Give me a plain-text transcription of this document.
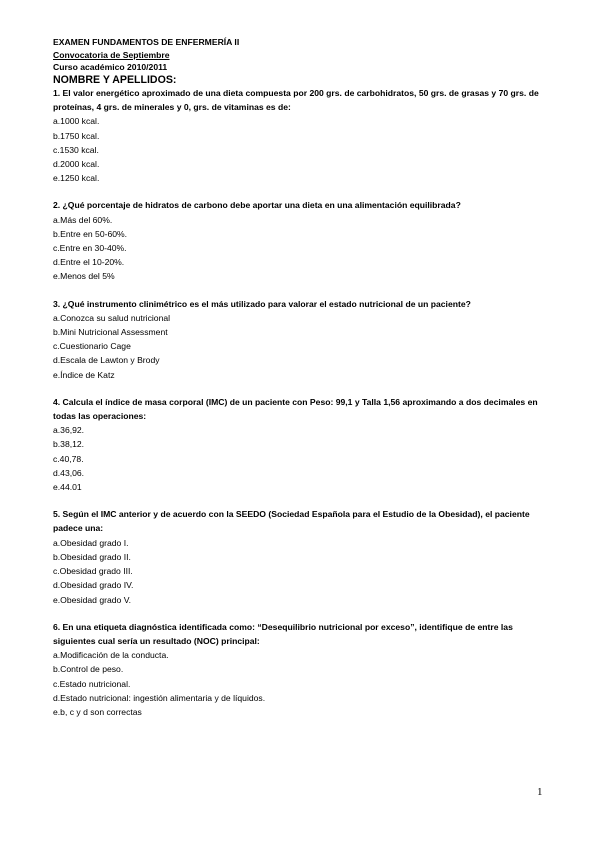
EXAMEN FUNDAMENTOS DE ENFERMERÍA II
Convocatoria de Septiembre
Curso académico 2010/2011
NOMBRE Y APELLIDOS:

1. El valor energético aproximado de una dieta compuesta por 200 grs. de carbohidratos, 50 grs. de grasas y 70 grs. de proteínas, 4 grs. de minerales y 0, grs. de vitaminas es de:

a.1000 kcal.
b.1750 kcal.
c.1530 kcal.
d.2000 kcal.
e.1250 kcal.

2. ¿Qué porcentaje de hidratos de carbono debe aportar una dieta en una alimentación equilibrada?

a.Más del 60%.
b.Entre en 50-60%.
c.Entre en 30-40%.
d.Entre el 10-20%.
e.Menos del 5%

3. ¿Qué instrumento clinimétrico es el más utilizado para valorar el estado nutricional de un paciente?

a.Conozca su salud nutricional
b.Mini Nutricional Assessment
c.Cuestionario Cage
d.Escala de Lawton y Brody
e.Índice de Katz

4. Calcula el índice de masa corporal (IMC) de un paciente con Peso: 99,1 y Talla 1,56 aproximando a dos decimales en todas las operaciones:

a.36,92.
b.38,12.
c.40,78.
d.43,06.
e.44.01

5. Según el IMC anterior y de acuerdo con la SEEDO (Sociedad Española para el Estudio de la Obesidad), el paciente padece una:

a.Obesidad grado I.
b.Obesidad grado II.
c.Obesidad grado III.
d.Obesidad grado IV.
e.Obesidad grado V.

6. En una etiqueta diagnóstica identificada como: “Desequilibrio nutricional por exceso”, identifique de entre las siguientes cual sería un resultado (NOC) principal:

a.Modificación de la conducta.
b.Control de peso.
c.Estado nutricional.
d.Estado nutricional: ingestión alimentaria y de líquidos.
e.b, c y d son correctas
1
